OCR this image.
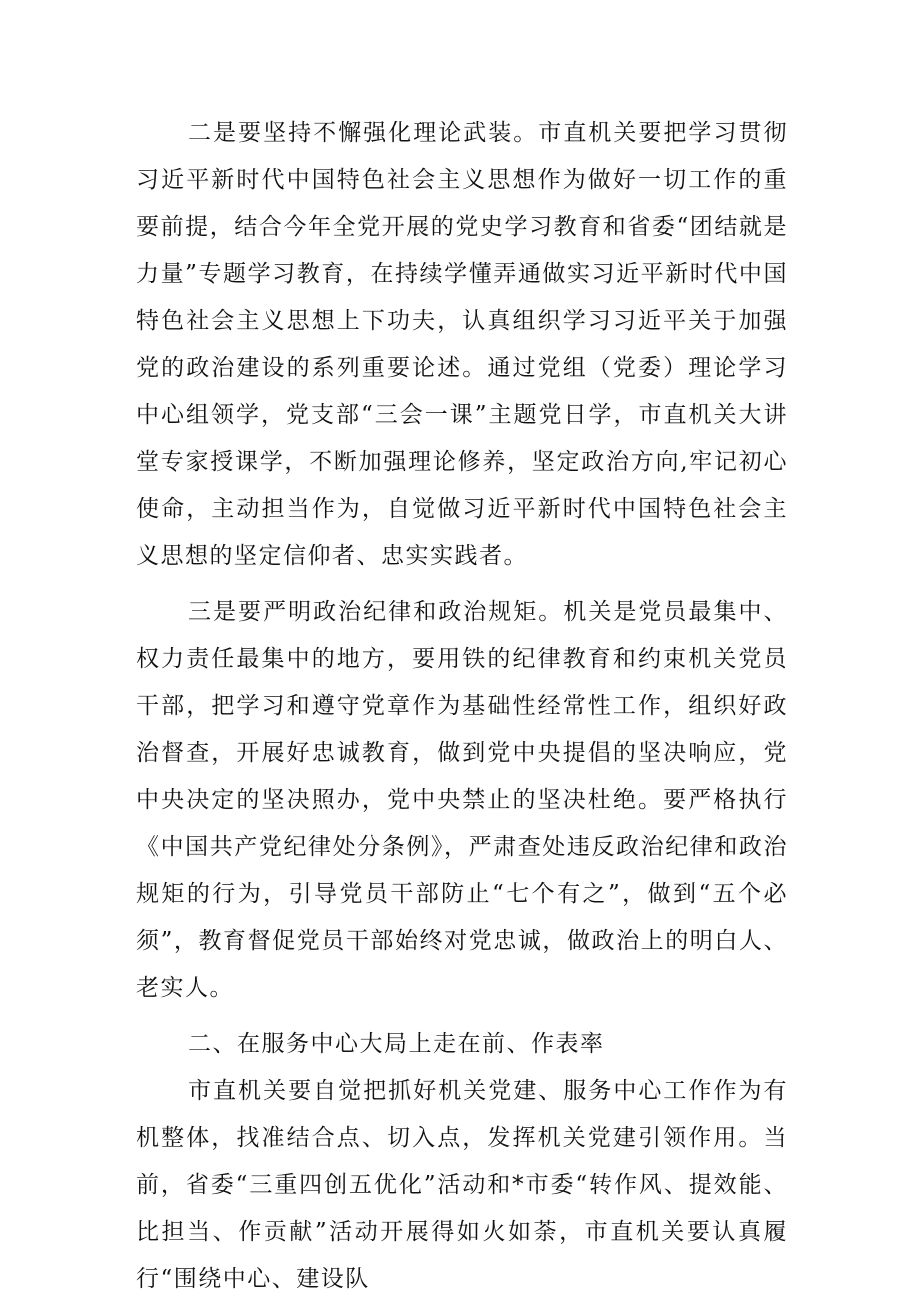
二是要坚持不懈强化理论武装。市直机关要把学习贯彻习近平新时代中国特色社会主义思想作为做好一切工作的重要前提，结合今年全党开展的党史学习教育和省委“团结就是力量”专题学习教育，在持续学懂弄通做实习近平新时代中国特色社会主义思想上下功夫，认真组织学习习近平关于加强党的政治建设的系列重要论述。通过党组（党委）理论学习中心组领学，党支部“三会一课”主题党日学，市直机关大讲堂专家授课学，不断加强理论修养，坚定政治方向,牢记初心使命，主动担当作为，自觉做习近平新时代中国特色社会主义思想的坚定信仰者、忠实实践者。

三是要严明政治纪律和政治规矩。机关是党员最集中、权力责任最集中的地方，要用铁的纪律教育和约束机关党员干部，把学习和遵守党章作为基础性经常性工作，组织好政治督查，开展好忠诚教育，做到党中央提倡的坚决响应，党中央决定的坚决照办，党中央禁止的坚决杜绝。要严格执行《中国共产党纪律处分条例》，严肃查处违反政治纪律和政治规矩的行为，引导党员干部防止“七个有之”，做到“五个必须”，教育督促党员干部始终对党忠诚，做政治上的明白人、老实人。

二、在服务中心大局上走在前、作表率

市直机关要自觉把抓好机关党建、服务中心工作作为有机整体，找准结合点、切入点，发挥机关党建引领作用。当前，省委“三重四创五优化”活动和*市委“转作风、提效能、比担当、作贡献”活动开展得如火如荼，市直机关要认真履行“围绕中心、建设队
